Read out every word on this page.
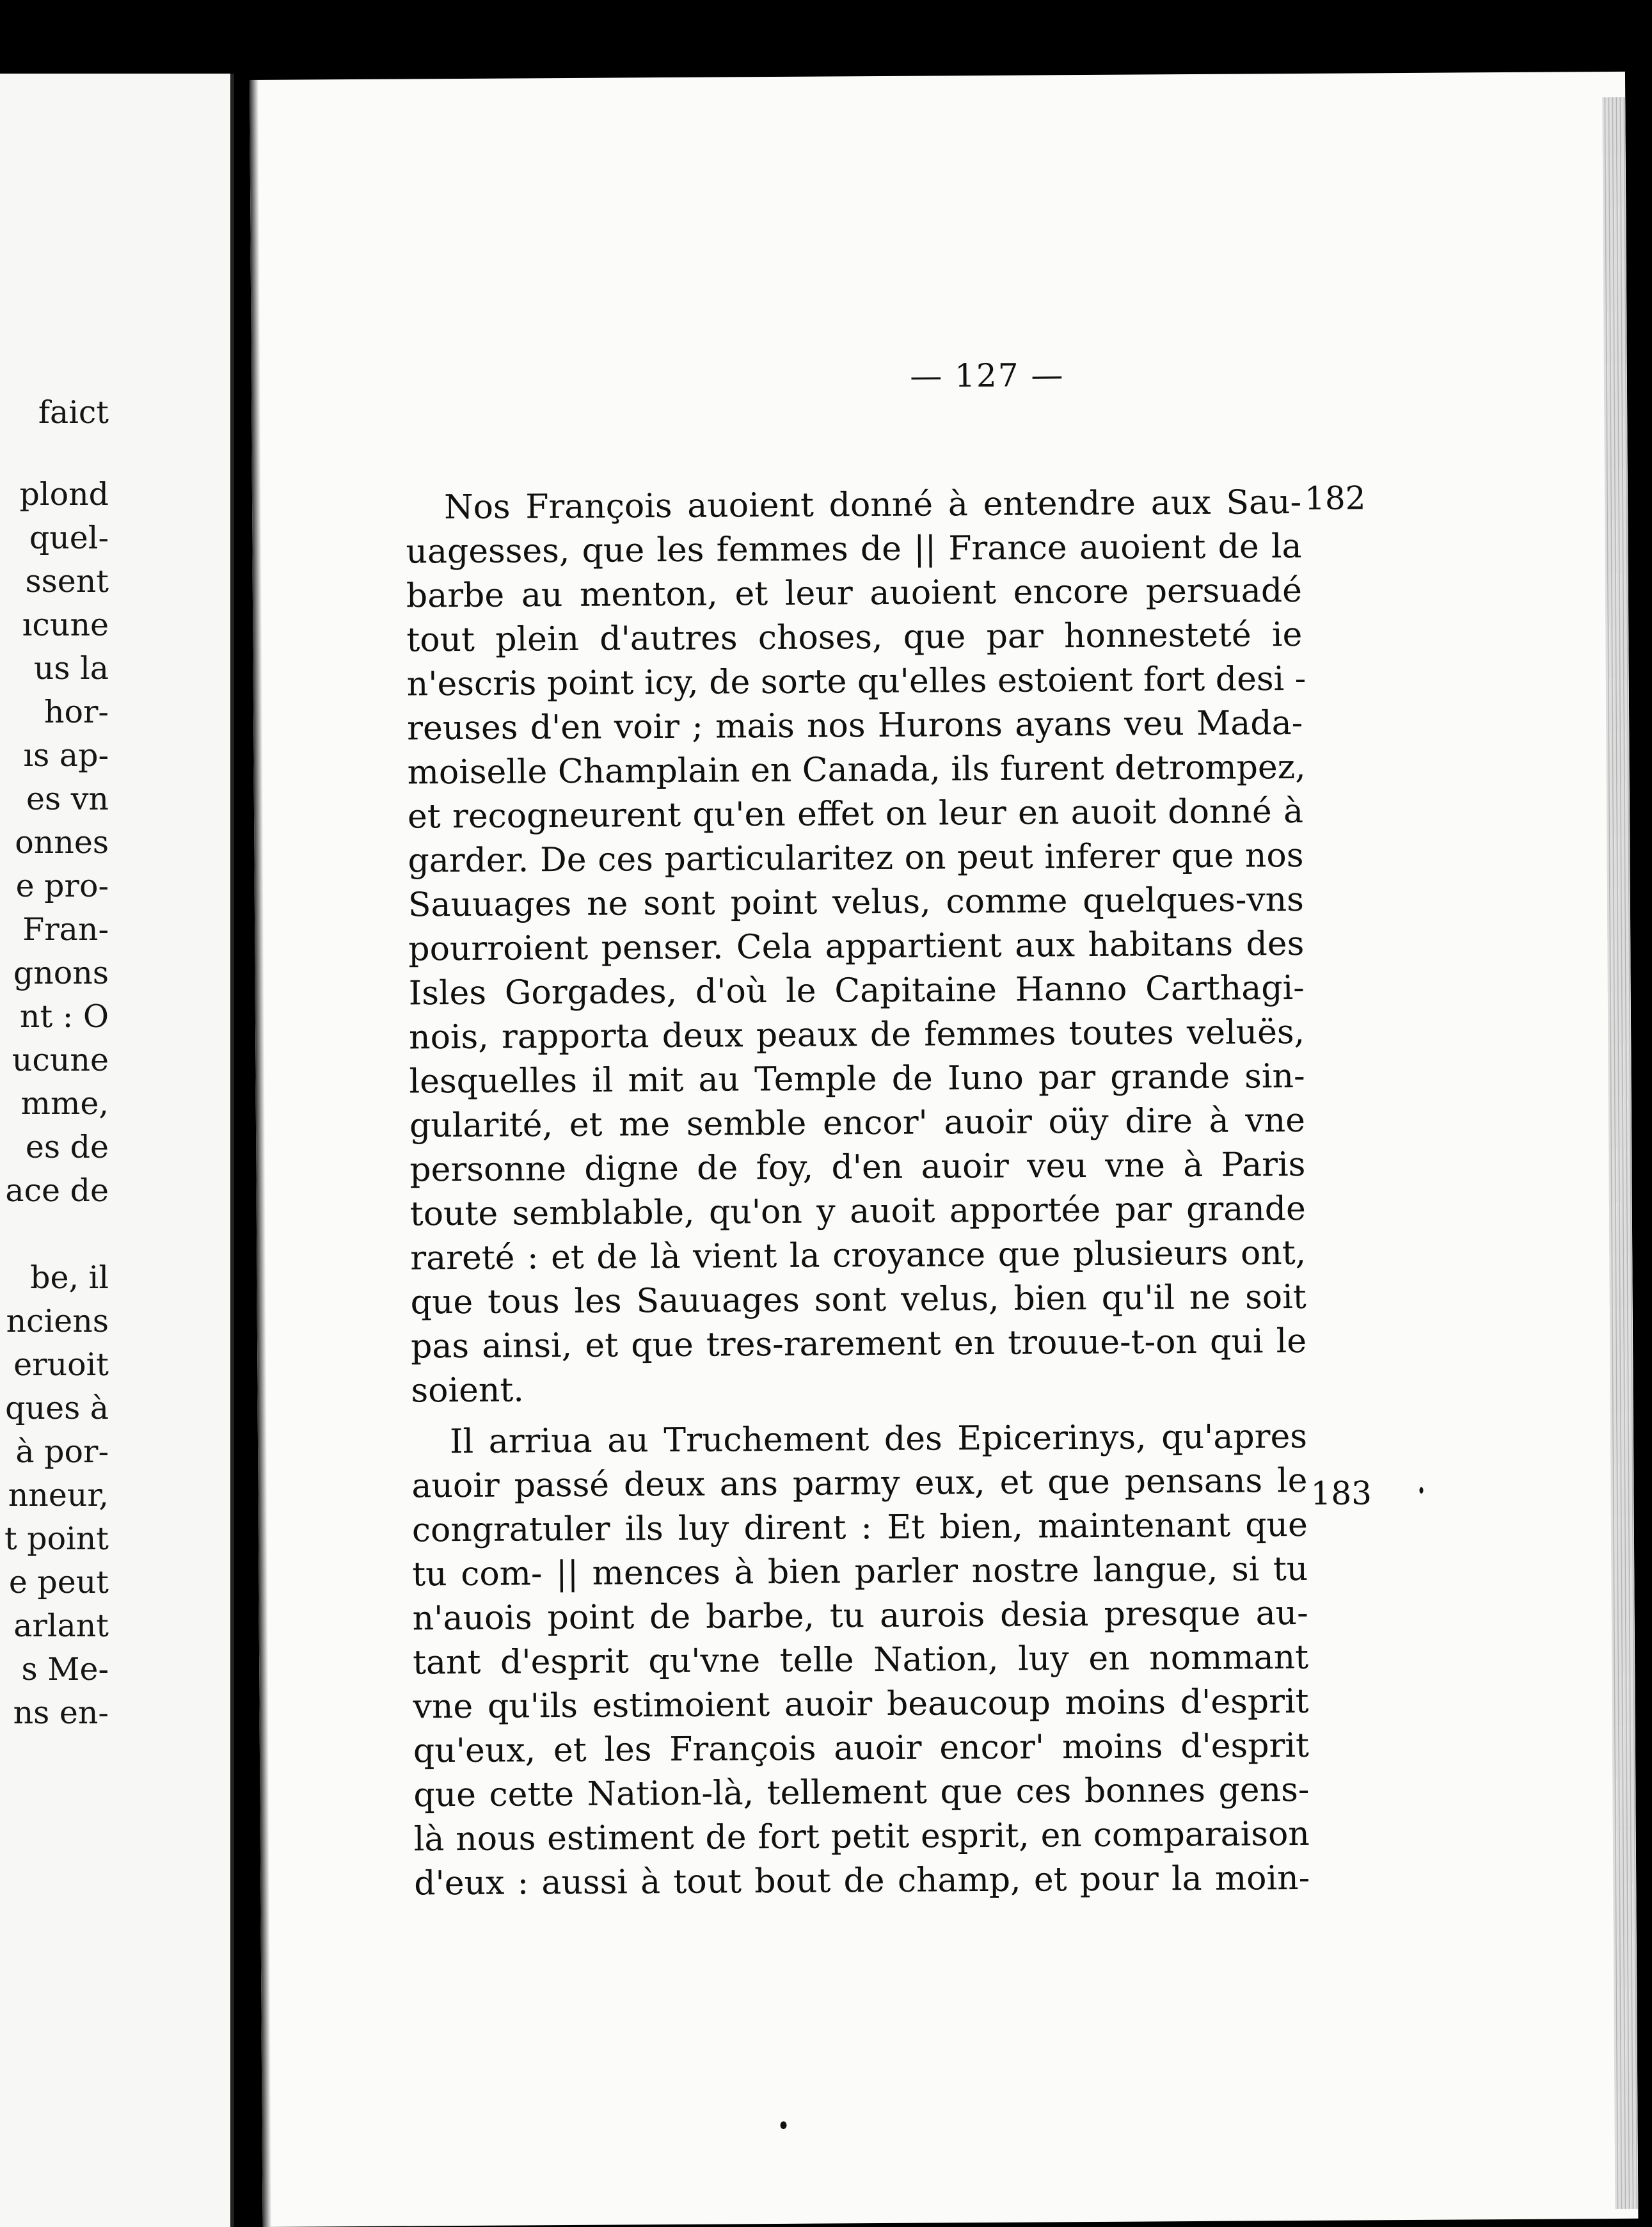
faict
plond
quel-
ssent
ıcune
us la
hor-
ıs ap-
es vn
onnes
e pro-
Fran-
gnons
nt : O
ucune
mme,
es de
ace de
be, il
nciens
eruoit
ques à
à por-
nneur,
t point
e peut
arlant
s Me-
ns en-
— 127 —
182
183
Nos François auoient donné à entendre aux Sau-
uagesses, que les femmes de || France auoient de la
barbe au menton, et leur auoient encore persuadé
tout plein d'autres choses, que par honnesteté ie
n'escris point icy, de sorte qu'elles estoient fort desi -
reuses d'en voir ; mais nos Hurons ayans veu Mada-
moiselle Champlain en Canada, ils furent detrompez,
et recogneurent qu'en effet on leur en auoit donné à
garder. De ces particularitez on peut inferer que nos
Sauuages ne sont point velus, comme quelques-vns
pourroient penser. Cela appartient aux habitans des
Isles Gorgades, d'où le Capitaine Hanno Carthagi-
nois, rapporta deux peaux de femmes toutes veluës,
lesquelles il mit au Temple de Iuno par grande sin-
gularité, et me semble encor' auoir oüy dire à vne
personne digne de foy, d'en auoir veu vne à Paris
toute semblable, qu'on y auoit apportée par grande
rareté : et de là vient la croyance que plusieurs ont,
que tous les Sauuages sont velus, bien qu'il ne soit
pas ainsi, et que tres-rarement en trouue-t-on qui le
soient.
Il arriua au Truchement des Epicerinys, qu'apres
auoir passé deux ans parmy eux, et que pensans le
congratuler ils luy dirent : Et bien, maintenant que
tu com- || mences à bien parler nostre langue, si tu
n'auois point de barbe, tu aurois desia presque au-
tant d'esprit qu'vne telle Nation, luy en nommant
vne qu'ils estimoient auoir beaucoup moins d'esprit
qu'eux, et les François auoir encor' moins d'esprit
que cette Nation-là, tellement que ces bonnes gens-
là nous estiment de fort petit esprit, en comparaison
d'eux : aussi à tout bout de champ, et pour la moin-
